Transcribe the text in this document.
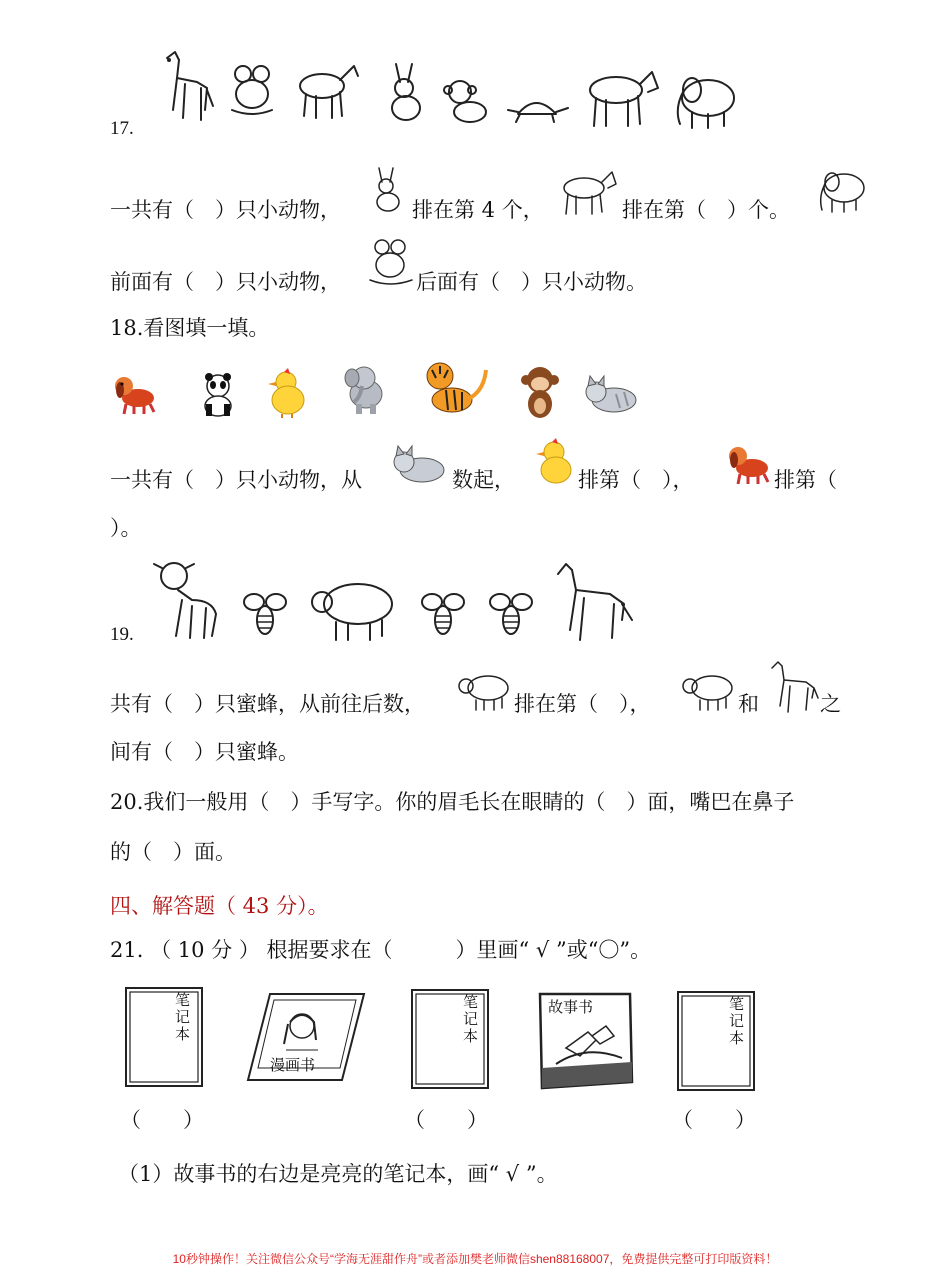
17.
一共有（　）只小动物，	排在第 4 个，	排在第（　）个。
前面有（　）只小动物，	后面有（　）只小动物。
18.看图填一填。
一共有（　）只小动物，从	数起，	排第（　），	排第（
）。
19.
共有（　）只蜜蜂，从前往后数，	排在第（　），	和	之
间有（　）只蜜蜂。
20.我们一般用（　）手写字。你的眉毛长在眼睛的（　）面，嘴巴在鼻子
的（　）面。
四、解答题（ 43 分）。
21. （ 10 分 ） 根据要求在（　　　）里画“ √ ”或“〇”。
笔记本
漫画书
笔记本	故事书	笔记本
（　　）	（　　）	（　　）
（1）故事书的右边是亮亮的笔记本，画“ √ ”。
10秒钟操作！关注微信公众号“学海无涯甜作舟”或者添加樊老师微信shen88168007，免费提供完整可打印版资料！
